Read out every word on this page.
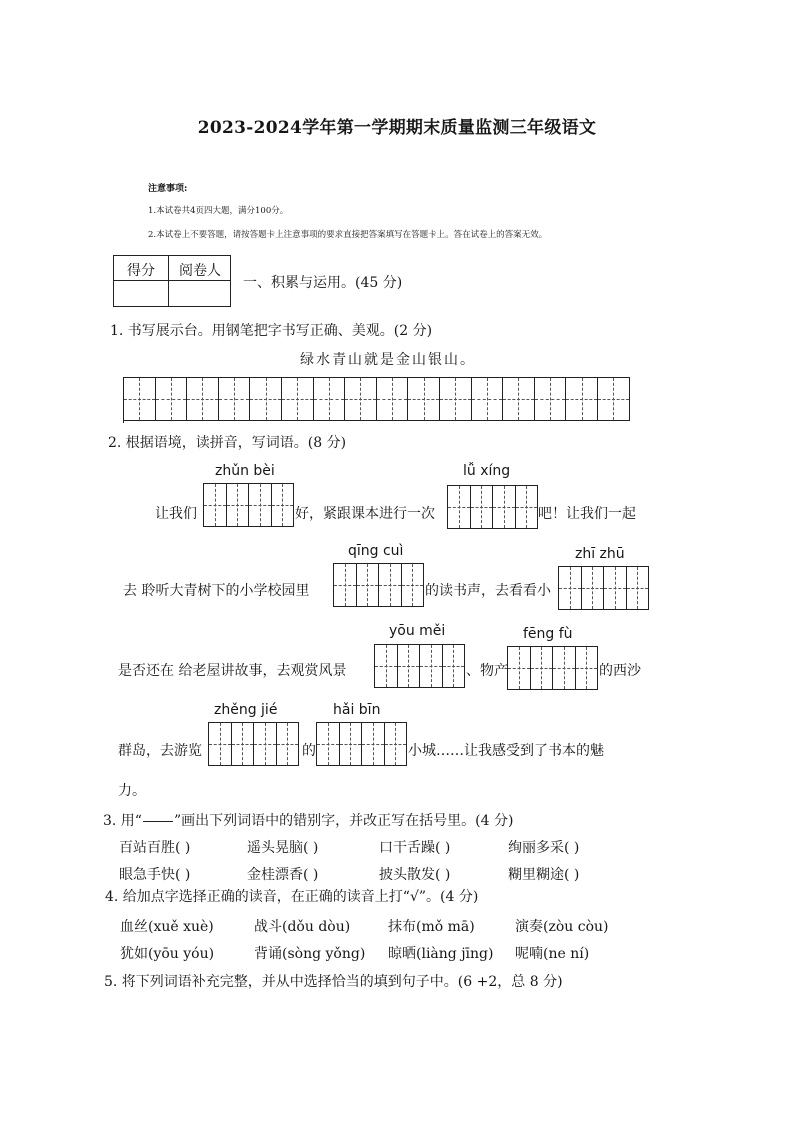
2023-2024学年第一学期期末质量监测三年级语文
注意事项:
1.本试卷共4页四大题，满分100分。
2.本试卷上不要答题，请按答题卡上注意事项的要求直接把答案填写在答题卡上。答在试卷上的答案无效。
得分	阅卷人
一、积累与运用。(45 分)
1. 书写展示台。用钢笔把字书写正确、美观。(2 分)
绿水青山就是金山银山。
2. 根据语境，读拼音，写词语。(8 分)
zhǔn bèi	lǚ xíng
让我们	好，紧跟课本进行一次	吧！让我们一起
qīng cuì	zhī zhū
去 聆听大青树下的小学校园里	的读书声，去看看小
yōu měi	fēng fù
是否还在 给老屋讲故事，去观赏风景	、物产	的西沙
zhěng jié	hǎi bīn
群岛，去游览	的	小城……让我感受到了书本的魅
力。
3. 用“ ”画出下列词语中的错别字，并改正写在括号里。(4 分)
百站百胜( )	遥头晃脑( )	口干舌躁( )	绚丽多采( )
眼急手快( )	金桂漂香( )	披头散发( )	糊里糊途( )
4. 给加点字选择正确的读音，在正确的读音上打“√”。(4 分)
血丝(xuě xuè)	战斗(dǒu dòu)	抹布(mǒ mā)	演奏(zòu còu)
犹如(yōu yóu)	背诵(sòng yǒng) 晾晒(liàng jīng) 呢喃(ne ní)
5. 将下列词语补充完整，并从中选择恰当的填到句子中。(6 +2，总 8 分)
